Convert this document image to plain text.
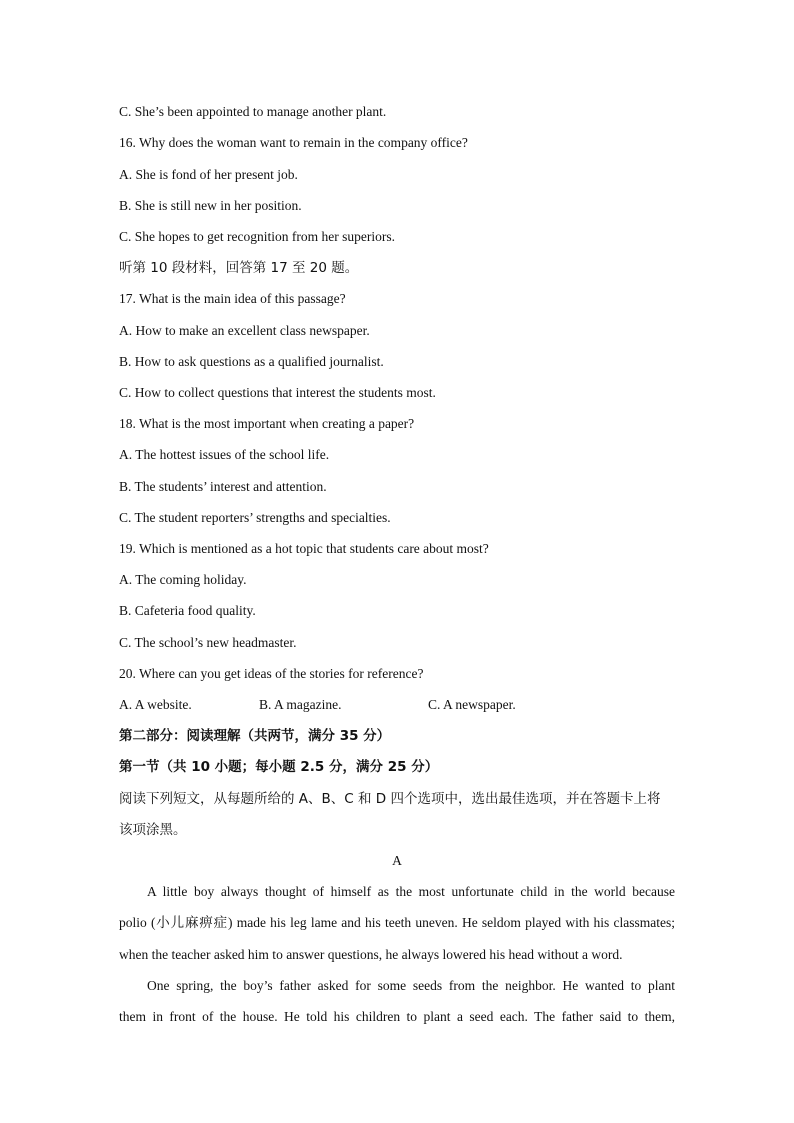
C. She’s been appointed to manage another plant.
16. Why does the woman want to remain in the company office?
A. She is fond of her present job.
B. She is still new in her position.
C. She hopes to get recognition from her superiors.
听第 10 段材料，回答第 17 至 20 题。
17. What is the main idea of this passage?
A. How to make an excellent class newspaper.
B. How to ask questions as a qualified journalist.
C. How to collect questions that interest the students most.
18. What is the most important when creating a paper?
A. The hottest issues of the school life.
B. The students’ interest and attention.
C. The student reporters’ strengths and specialties.
19. Which is mentioned as a hot topic that students care about most?
A. The coming holiday.
B. Cafeteria food quality.
C. The school’s new headmaster.
20. Where can you get ideas of the stories for reference?
A. A website.	B. A magazine.	C. A newspaper.
第二部分：阅读理解（共两节，满分 35 分）
第一节（共 10 小题；每小题 2.5 分，满分 25 分）
阅读下列短文，从每题所给的 A、B、C 和 D 四个选项中，选出最佳选项，并在答题卡上将
该项涂黑。
A
A little boy always thought of himself as the most unfortunate child in the world because
polio (小儿麻痹症) made his leg lame and his teeth uneven. He seldom played with his classmates;
when the teacher asked him to answer questions, he always lowered his head without a word.
One spring, the boy’s father asked for some seeds from the neighbor. He wanted to plant
them in front of the house. He told his children to plant a seed each. The father said to them,
